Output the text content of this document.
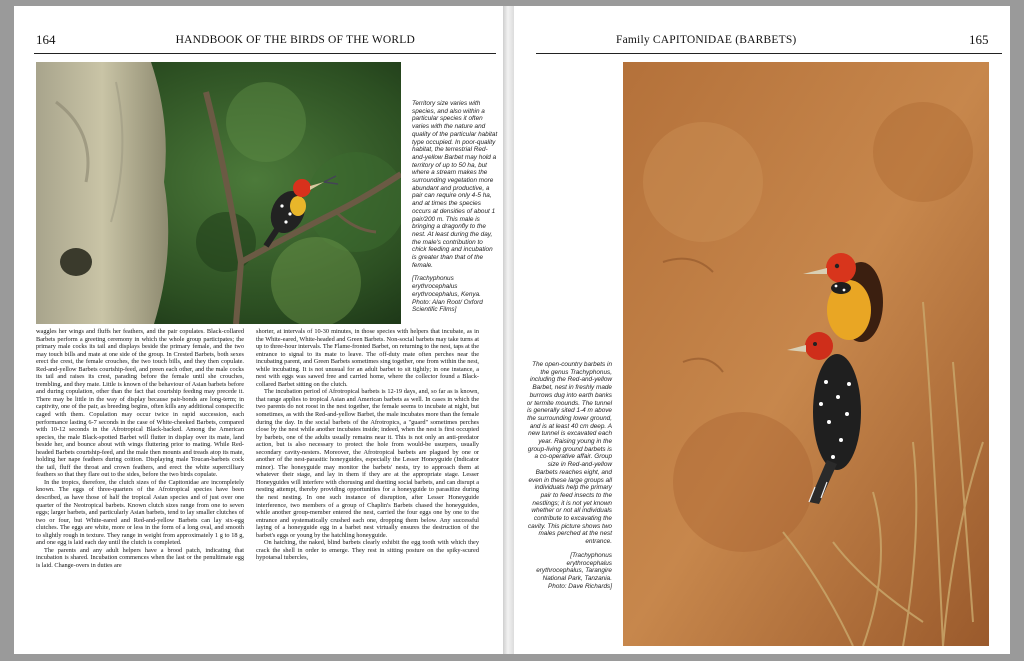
164	HANDBOOK OF THE BIRDS OF THE WORLD

Territory size varies with species, and also within a particular species it often varies with the nature and quality of the particular habitat type occupied. In poor-quality habitat, the terrestrial Red-and-yellow Barbet may hold a territory of up to 50 ha, but where a stream makes the surrounding vegetation more abundant and productive, a pair can require only 4-5 ha, and at times the species occurs at densities of about 1 pair/200 m. This male is bringing a dragonfly to the nest. At least during the day, the male's contribution to chick feeding and incubation is greater than that of the female.

[Trachyphonus erythrocephalus erythrocephalus, Kenya.

Photo: Alan Root/ Oxford Scientific Films]

waggles her wings and fluffs her feathers, and the pair copulates. Black-collared Barbets perform a greeting ceremony in which the whole group participates; the primary male cocks its tail and displays beside the primary female, and the two may touch bills and mate at one side of the group. In Crested Barbets, both sexes erect the crest, the female crouches, the two touch bills, and they then copulate. Red-and-yellow Barbets courtship-feed, and preen each other, and the male cocks its tail and raises its crest, parading before the female until she crouches, trembling, and they mate. Little is known of the behaviour of Asian barbets before and during copulation, other than the fact that courtship feeding may precede it. There may be little in the way of display because pair-bonds are long-term; in captivity, one of the pair, as breeding begins, often kills any additional conspecific caged with them. Copulation may occur twice in rapid succession, each performance lasting 6-7 seconds in the case of White-cheeked Barbets, compared with 10-12 seconds in the Afrotropical Black-backed. Among the American species, the male Black-spotted Barbet will flutter in display over its mate, land beside her, and bounce about with wings fluttering prior to mating. While Red-headed Barbets courtship-feed, and the male then mounts and treads atop its mate, holding her nape feathers during coition. Displaying male Toucan-barbets cock the tail, fluff the throat and crown feathers, and erect the white supercilliary feathers so that they flare out to the sides, before the two birds copulate.

In the tropics, therefore, the clutch sizes of the Capitonidae are incompletely known. The eggs of three-quarters of the Afrotropical species have been described, as have those of half the tropical Asian species and of just over one quarter of the Neotropical barbets. Known clutch sizes range from one to seven eggs; larger barbets, and particularly Asian barbets, tend to lay smaller clutches of two or four, but White-eared and Red-and-yellow Barbets can lay six-egg clutches. The eggs are white, more or less in the form of a long oval, and smooth to slightly rough in texture. They range in weight from approximately 1 g to 18 g, and one egg is laid each day until the clutch is completed.

The parents and any adult helpers have a brood patch, indicating that incubation is shared. Incubation commences when the last or the penultimate egg is laid. Change-overs in duties are

shorter, at intervals of 10-30 minutes, in those species with helpers that incubate, as in the White-eared, White-headed and Green Barbets. Non-social barbets may take turns at up to three-hour intervals. The Flame-fronted Barbet, on returning to the nest, taps at the entrance to signal to its mate to leave. The off-duty mate often perches near the incubating parent, and Green Barbets sometimes sing together, one from within the nest, while incubating. It is not unusual for an adult barbet to sit tightly; in one instance, a nest with eggs was sawed free and carried home, where the collector found a Black-collared Barbet sitting on the clutch.

The incubation period of Afrotropical barbets is 12-19 days, and, so far as is known, that range applies to tropical Asian and American barbets as well. In cases in which the two parents do not roost in the nest together, the female seems to incubate at night, but sometimes, as with the Red-and-yellow Barbet, the male incubates more than the female during the day. In the social barbets of the Afrotropics, a "guard" sometimes perches close by the nest while another incubates inside; indeed, when the nest is first occupied by barbets, one of the adults usually remains near it. This is not only an anti-predator action, but is also necessary to protect the hole from would-be usurpers, usually secondary cavity-nesters. Moreover, the Afrotropical barbets are plagued by one or another of the nest-parasitic honeyguides, especially the Lesser Honeyguide (Indicator minor). The honeyguide may monitor the barbets' nests, try to approach them at whatever their stage, and lay in them if they are at the appropriate stage. Lesser Honeyguides will interfere with chorusing and duetting social barbets, and can disrupt a nesting attempt, thereby providing opportunities for a honeyguide to parasitize during the nest nesting. In one such instance of disruption, after Lesser Honeyguide interference, two members of a group of Chaplin's Barbets chased the honeyguides, while another group-member entered the nest, carried the four eggs one by one to the entrance and systematically crushed each one, dropping them below. Any successful laying of a honeyguide egg in a barbet nest virtually ensures the destruction of the barbet's eggs or young by the hatchling honeyguide.

On hatching, the naked, blind barbets clearly exhibit the egg tooth with which they crack the shell in order to emerge. They rest in sitting posture on the spiky-scured hypotarsal tubercles,

Family CAPITONIDAE (BARBETS)	165

The open-country barbets in the genus Trachyphonus, including the Red-and-yellow Barbet, nest in freshly made burrows dug into earth banks or termite mounds. The tunnel is generally sited 1-4 m above the surrounding lower ground, and is at least 40 cm deep. A new tunnel is excavated each year. Raising young in the group-living ground barbets is a co-operative affair. Group size in Red-and-yellow Barbets reaches eight, and even in these large groups all individuals help the primary pair to feed insects to the nestlings; it is not yet known whether or not all individuals contribute to excavating the cavity. This picture shows two males perched at the nest entrance.

[Trachyphonus erythrocephalus erythrocephalus, Tarangire National Park, Tanzania.

Photo: Dave Richards]
